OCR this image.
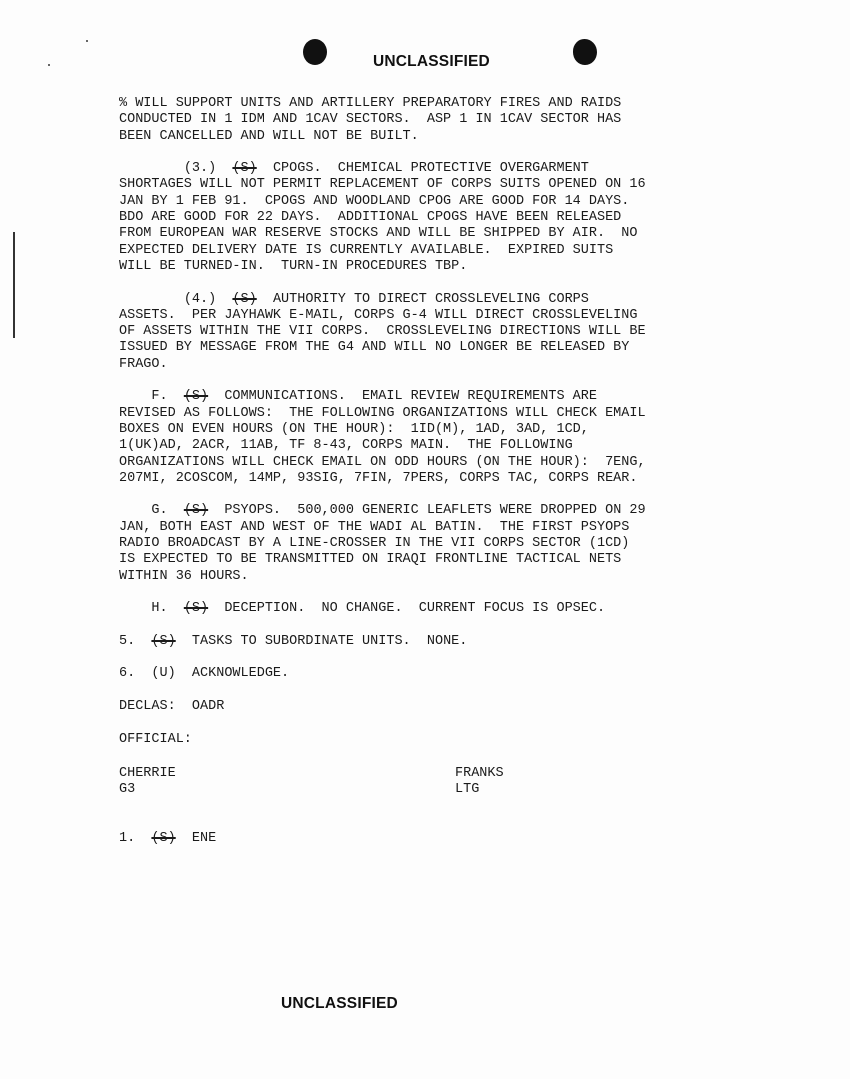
UNCLASSIFIED
% WILL SUPPORT UNITS AND ARTILLERY PREPARATORY FIRES AND RAIDS
CONDUCTED IN 1 IDM AND 1CAV SECTORS.  ASP 1 IN 1CAV SECTOR HAS
BEEN CANCELLED AND WILL NOT BE BUILT.
(3.) (S) CPOGS.  CHEMICAL PROTECTIVE OVERGARMENT
SHORTAGES WILL NOT PERMIT REPLACEMENT OF CORPS SUITS OPENED ON 16
JAN BY 1 FEB 91.  CPOGS AND WOODLAND CPOG ARE GOOD FOR 14 DAYS.
BDO ARE GOOD FOR 22 DAYS.  ADDITIONAL CPOGS HAVE BEEN RELEASED
FROM EUROPEAN WAR RESERVE STOCKS AND WILL BE SHIPPED BY AIR.  NO
EXPECTED DELIVERY DATE IS CURRENTLY AVAILABLE.  EXPIRED SUITS
WILL BE TURNED-IN.  TURN-IN PROCEDURES TBP.
(4.) (S) AUTHORITY TO DIRECT CROSSLEVELING CORPS
ASSETS.  PER JAYHAWK E-MAIL, CORPS G-4 WILL DIRECT CROSSLEVELING
OF ASSETS WITHIN THE VII CORPS.  CROSSLEVELING DIRECTIONS WILL BE
ISSUED BY MESSAGE FROM THE G4 AND WILL NO LONGER BE RELEASED BY
FRAGO.
F. (S) COMMUNICATIONS.  EMAIL REVIEW REQUIREMENTS ARE
REVISED AS FOLLOWS:  THE FOLLOWING ORGANIZATIONS WILL CHECK EMAIL
BOXES ON EVEN HOURS (ON THE HOUR):  1ID(M), 1AD, 3AD, 1CD,
1(UK)AD, 2ACR, 11AB, TF 8-43, CORPS MAIN.  THE FOLLOWING
ORGANIZATIONS WILL CHECK EMAIL ON ODD HOURS (ON THE HOUR):  7ENG,
207MI, 2COSCOM, 14MP, 93SIG, 7FIN, 7PERS, CORPS TAC, CORPS REAR.
G. (S) PSYOPS.  500,000 GENERIC LEAFLETS WERE DROPPED ON 29
JAN, BOTH EAST AND WEST OF THE WADI AL BATIN.  THE FIRST PSYOPS
RADIO BROADCAST BY A LINE-CROSSER IN THE VII CORPS SECTOR (1CD)
IS EXPECTED TO BE TRANSMITTED ON IRAQI FRONTLINE TACTICAL NETS
WITHIN 36 HOURS.
H. (S) DECEPTION.  NO CHANGE.  CURRENT FOCUS IS OPSEC.
5. (S) TASKS TO SUBORDINATE UNITS.  NONE.
6.  (U)  ACKNOWLEDGE.
DECLAS:  OADR
OFFICIAL:
CHERRIE
G3
FRANKS
LTG
1. (S) ENE
UNCLASSIFIED
